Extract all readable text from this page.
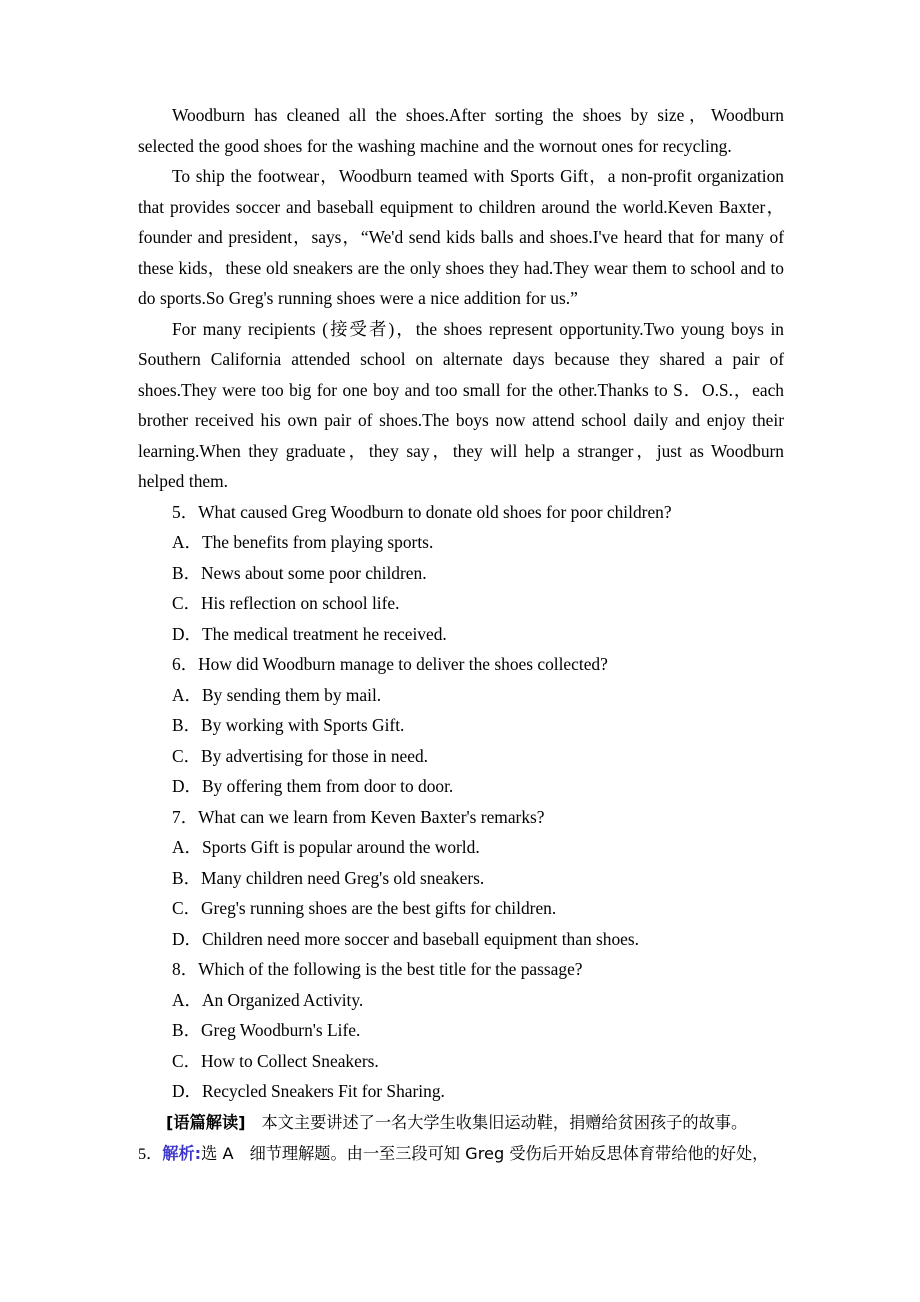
Woodburn has cleaned all the shoes.After sorting the shoes by size，Woodburn selected the good shoes for the washing machine and the wornout ones for recycling.

To ship the footwear，Woodburn teamed with Sports Gift，a non-profit organization that provides soccer and baseball equipment to children around the world.Keven Baxter，founder and president，says，“We'd send kids balls and shoes.I've heard that for many of these kids，these old sneakers are the only shoes they had.They wear them to school and to do sports.So Greg's running shoes were a nice addition for us.”

For many recipients (接受者)，the shoes represent opportunity.Two young boys in Southern California attended school on alternate days because they shared a pair of shoes.They were too big for one boy and too small for the other.Thanks to S．O.S.，each brother received his own pair of shoes.The boys now attend school daily and enjoy their learning.When they graduate，they say，they will help a stranger，just as Woodburn helped them.

5．What caused Greg Woodburn to donate old shoes for poor children?

A．The benefits from playing sports.

B．News about some poor children.

C．His reflection on school life.

D．The medical treatment he received.

6．How did Woodburn manage to deliver the shoes collected?

A．By sending them by mail.

B．By working with Sports Gift.

C．By advertising for those in need.

D．By offering them from door to door.

7．What can we learn from Keven Baxter's remarks?

A．Sports Gift is popular around the world.

B．Many children need Greg's old sneakers.

C．Greg's running shoes are the best gifts for children.

D．Children need more soccer and baseball equipment than shoes.

8．Which of the following is the best title for the passage?

A．An Organized Activity.

B．Greg Woodburn's Life.

C．How to Collect Sneakers.

D．Recycled Sneakers Fit for Sharing.

[语篇解读] 本文主要讲述了一名大学生收集旧运动鞋，捐赠给贫困孩子的故事。

5．解析:选 A 细节理解题。由一至三段可知 Greg 受伤后开始反思体育带给他的好处，
